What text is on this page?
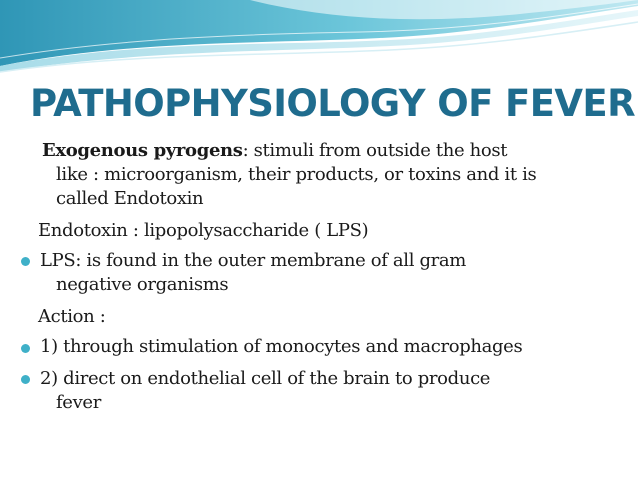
PATHOPHYSIOLOGY OF FEVER
Exogenous pyrogens: stimuli from outside the host
like : microorganism, their products, or toxins and it is
called Endotoxin
Endotoxin : lipopolysaccharide ( LPS)
LPS: is found in the outer membrane of all gram
negative organisms
Action :
1) through stimulation of monocytes and macrophages
2) direct on endothelial cell of the brain to produce
fever
